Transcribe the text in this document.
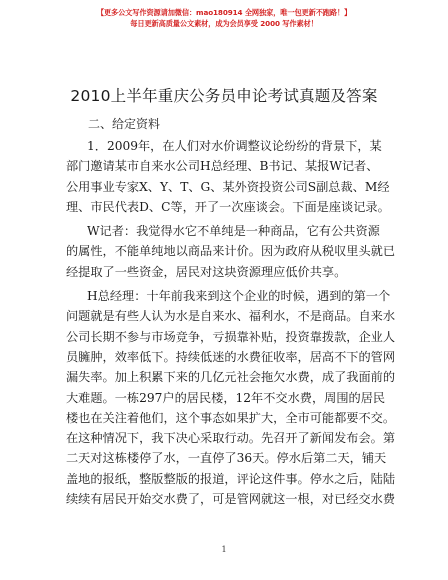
【更多公文写作资源请加微信：mao180914 全网独家，唯一包更新不跑路！】
每日更新高质量公文素材，成为会员享受 2000 写作素材！
2010上半年重庆公务员申论考试真题及答案
二、给定资料
1．2009年，在人们对水价调整议论纷纷的背景下，某
部门邀请某市自来水公司H总经理、B书记、某报W记者、
公用事业专家X、Y、T、G、某外资投资公司S副总裁、M经
理、市民代表D、C等，开了一次座谈会。下面是座谈记录。
W记者：我觉得水它不单纯是一种商品，它有公共资源
的属性，不能单纯地以商品来计价。因为政府从税収里头就已
经提取了一些资金，居民对这块资源理应低价共享。
H总经理：十年前我来到这个企业的时候，遇到的第一个
问题就是有些人认为水是自来水、福利水，不是商品。自来水
公司长期不参与市场竞争，亏损靠补贴，投资靠拨款，企业人
员臃肿，效率低下。持续低迷的水费征收率，居高不下的管网
漏失率。加上积累下来的几亿元社会拖欠水费，成了我面前的
大难题。一栋297户的居民楼，12年不交水费，周围的居民
楼也在关注着他们，这个事态如果扩大，全市可能都要不交。
在这种情况下，我下决心采取行动。先召开了新闻发布会。第
二天对这栋楼停了水，一直停了36天。停水后第二天，铺天
盖地的报纸，整版整版的报道，评论这件事。停水之后，陆陆
续续有居民开始交水费了，可是管网就这一根，对已经交水费
1
